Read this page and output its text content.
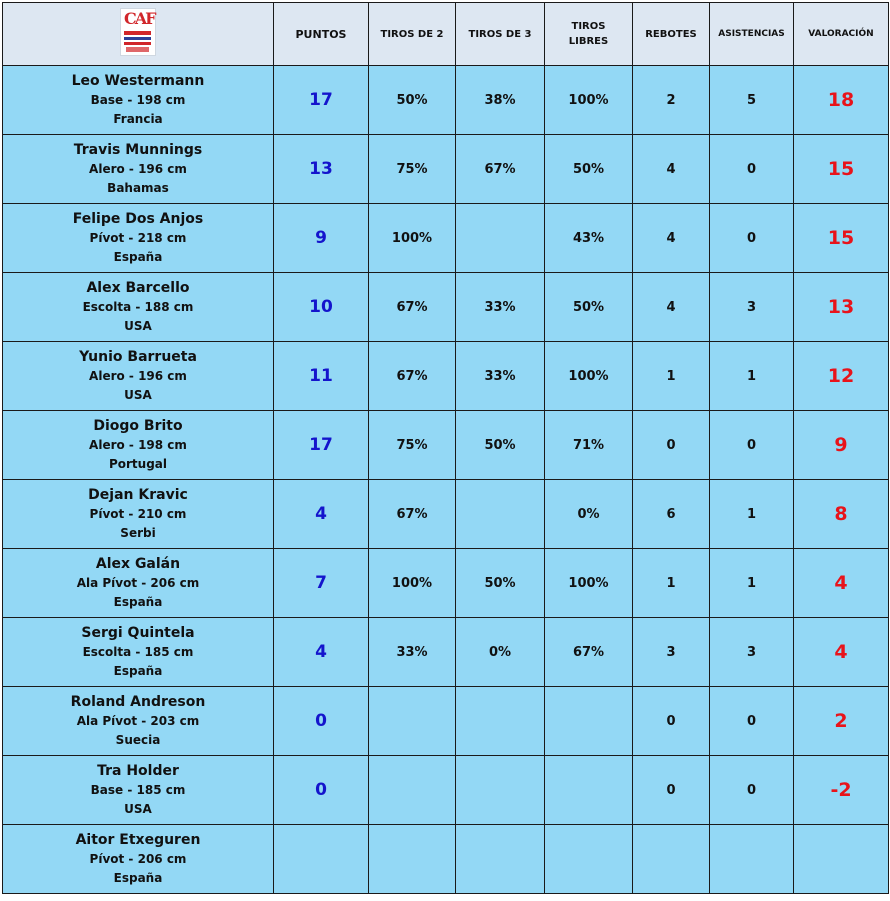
CAF	PUNTOS	TIROS DE 2	TIROS DE 3	TIROS
LIBRES	REBOTES	ASISTENCIAS	VALORACIÓN

Leo Westermann
Base - 198 cm
Francia	17	50%	38%	100%	2	5	18

Travis Munnings
Alero - 196 cm
Bahamas	13	75%	67%	50%	4	0	15

Felipe Dos Anjos
Pívot - 218 cm
España	9	100%		43%	4	0	15

Alex Barcello
Escolta - 188 cm
USA	10	67%	33%	50%	4	3	13

Yunio Barrueta
Alero - 196 cm
USA	11	67%	33%	100%	1	1	12

Diogo Brito
Alero - 198 cm
Portugal	17	75%	50%	71%	0	0	9

Dejan Kravic
Pívot - 210 cm
Serbi	4	67%		0%	6	1	8

Alex Galán
Ala Pívot - 206 cm
España	7	100%	50%	100%	1	1	4

Sergi Quintela
Escolta - 185 cm
España	4	33%	0%	67%	3	3	4

Roland Andreson
Ala Pívot - 203 cm
Suecia	0				0	0	2

Tra Holder
Base - 185 cm
USA	0				0	0	-2

Aitor Etxeguren
Pívot - 206 cm
España							
